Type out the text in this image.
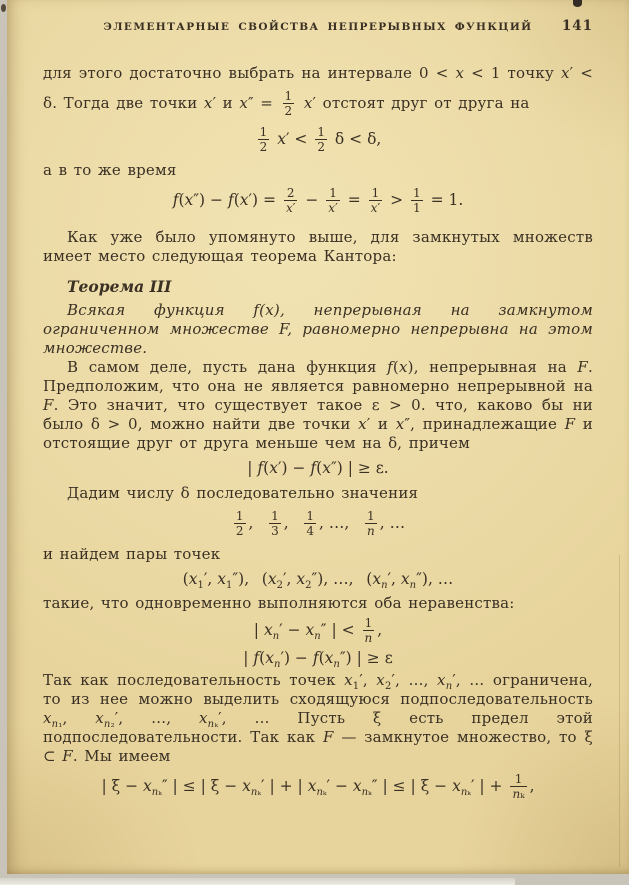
ЭЛЕМЕНТАРНЫЕ СВОЙСТВА НЕПРЕРЫВНЫХ ФУНКЦИЙ	141
для этого достаточно выбрать на интервале 0 < x < 1 точку x′ < δ. Тогда две точки x′ и $x'' = \frac{1}{2} x'$ отстоят друг от друга на
$\frac{1}{2} x' < \frac{1}{2}$ δ < δ,
а в то же время
$f(x'') - f(x') = \frac{2}{x'} - \frac{1}{x'} = \frac{1}{x'} > \frac{1}{1} = 1$.
Как уже было упомянуто выше, для замкнутых множеств имеет место следующая теорема Кантора:
Теорема III
Всякая функция f(x), непрерывная на замкнутом ограниченном множестве F, равномерно непрерывна на этом множестве.
В самом деле, пусть дана функция f(x), непрерывная на F. Предположим, что она не является равномерно непрерывной на F. Это значит, что существует такое ε > 0. что, каково бы ни было δ > 0, можно найти две точки x′ и x″, принадлежащие F и отстоящие друг от друга меньше чем на δ, причем
| f(x′) − f(x″) | ≥ ε.
Дадим числу δ последовательно значения
$\frac{1}{2}$ ,  $\frac{1}{3}$ ,  $\frac{1}{4}$ , …,  $\frac{1}{n}$ , …
и найдем пары точек
($x_1'$, $x_1''$),  ($x_2'$, $x_2''$), …,  ($x_n'$, $x_n''$), …
такие, что одновременно выполняются оба неравенства:
| $x_n' - x_n''$ | < $\frac{1}{n}$ ,
| $f(x_n') - f(x_n'')$ | ≥ ε
Так как последовательность точек $x_1'$, $x_2'$, …, $x_n'$, … ограничена, то из нее можно выделить сходящуюся подпоследовательность $x_{n_1}$, $x_{n_2}'$, …, $x_{n_k}'$, … Пусть ξ есть предел этой подпоследовательности. Так как F — замкнутое множество, то ξ ⊂ F. Мы имеем
| $\xi - x_{n_k}''$ | ≤ | $\xi - x_{n_k}'$ | + | $x_{n_k}' - x_{n_k}''$ | ≤ | $\xi - x_{n_k}'$ | + $\frac{1}{\text{nₖ}}$ ,
